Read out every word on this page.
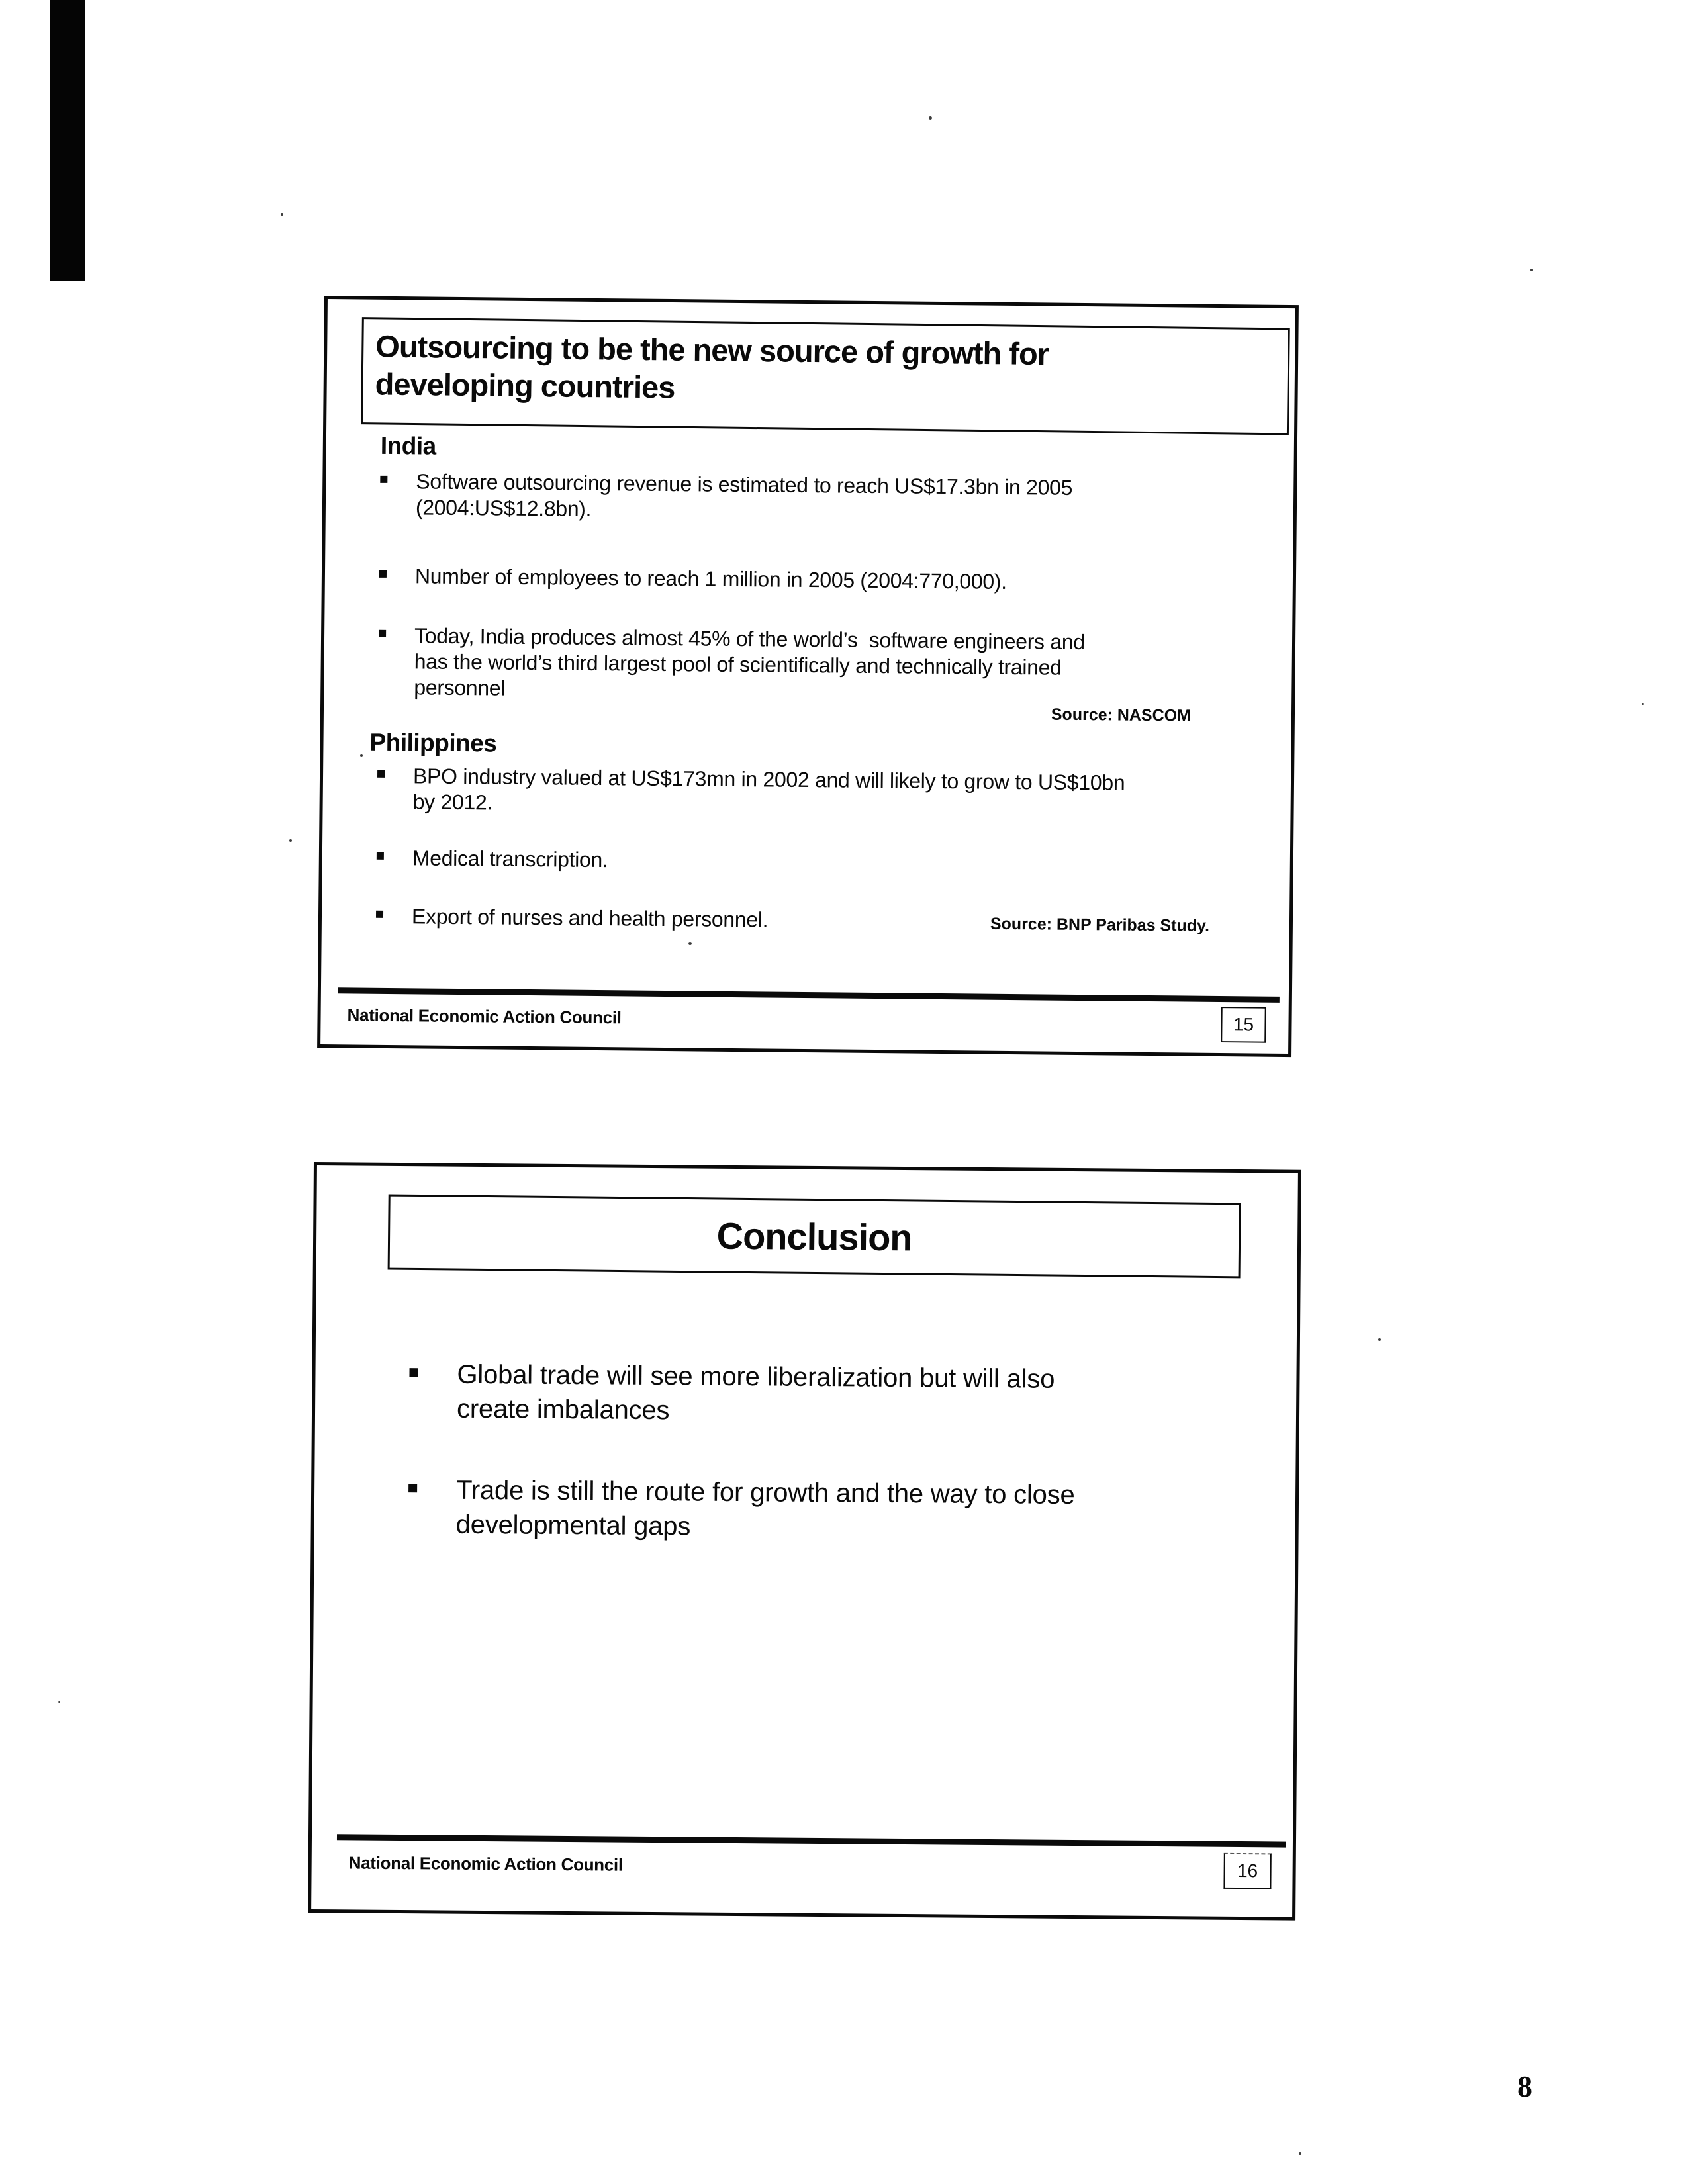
Outsourcing to be the new source of growth for
developing countries
India
Software outsourcing revenue is estimated to reach US$17.3bn in 2005
(2004:US$12.8bn).
Number of employees to reach 1 million in 2005 (2004:770,000).
Today, India produces almost 45% of the world’s  software engineers and
has the world’s third largest pool of scientifically and technically trained
personnel
Source: NASCOM
Philippines
BPO industry valued at US$173mn in 2002 and will likely to grow to US$10bn
by 2012.
Medical transcription.
Export of nurses and health personnel.	Source: BNP Paribas Study.
National Economic Action Council	15
Conclusion
Global trade will see more liberalization but will also
create imbalances
Trade is still the route for growth and the way to close
developmental gaps
National Economic Action Council	16
8
